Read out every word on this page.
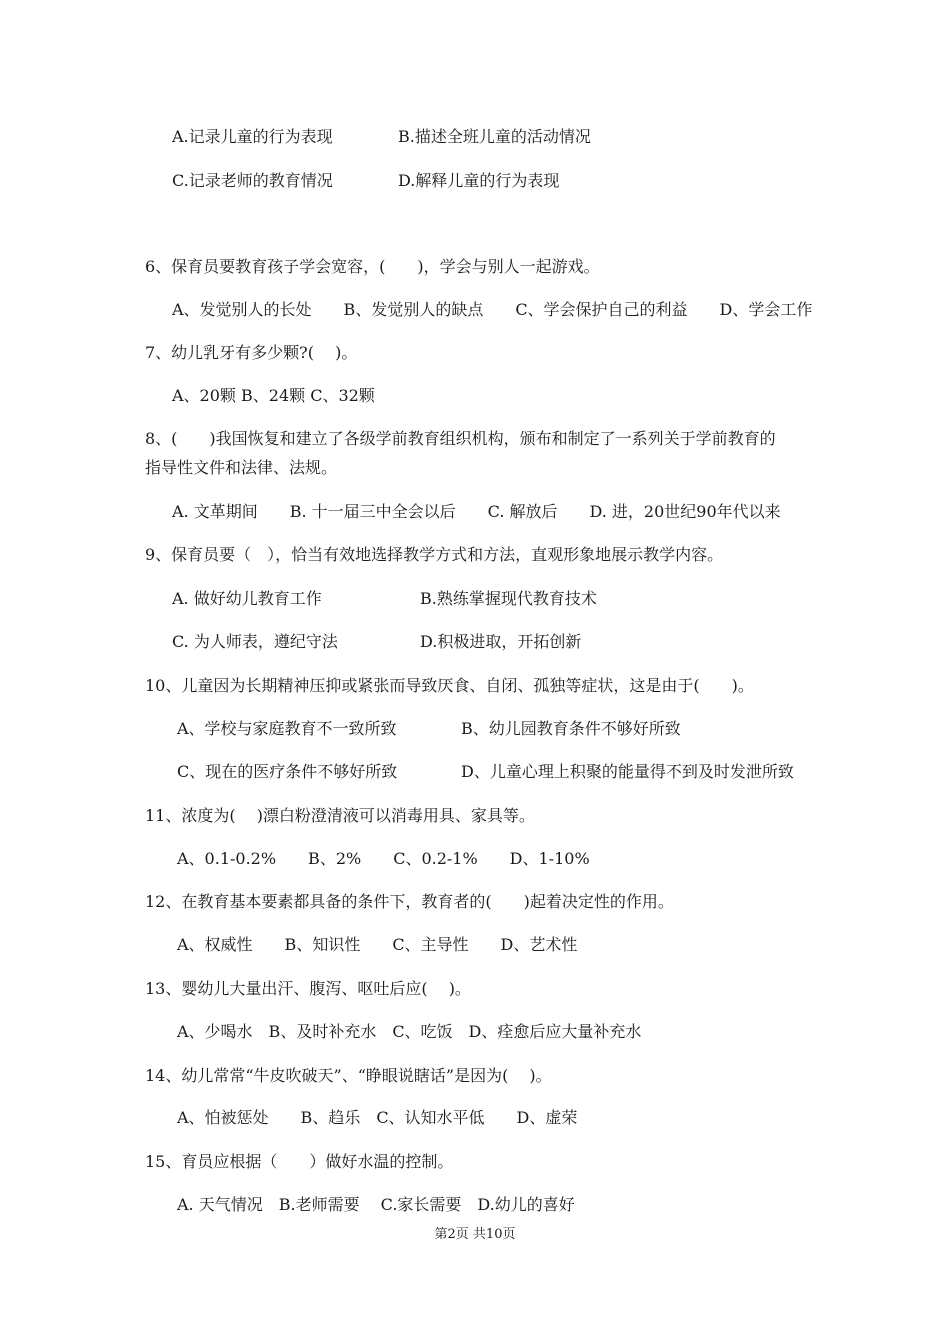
A.记录儿童的行为表现	B.描述全班儿童的活动情况
C.记录老师的教育情况	D.解释儿童的行为表现
6、保育员要教育孩子学会宽容，(　　)，学会与别人一起游戏。
A、发觉别人的长处　　B、发觉别人的缺点　　C、学会保护自己的利益　　D、学会工作
7、幼儿乳牙有多少颗?(　 )。
A、20颗 B、24颗 C、32颗
8、(　　)我国恢复和建立了各级学前教育组织机构，颁布和制定了一系列关于学前教育的
指导性文件和法律、法规。
A. 文革期间　　B. 十一届三中全会以后　　C. 解放后　　D. 进，20世纪90年代以来
9、保育员要（　），恰当有效地选择教学方式和方法，直观形象地展示教学内容。
A. 做好幼儿教育工作	B.熟练掌握现代教育技术
C. 为人师表，遵纪守法	D.积极进取，开拓创新
10、儿童因为长期精神压抑或紧张而导致厌食、自闭、孤独等症状，这是由于(　　)。
A、学校与家庭教育不一致所致	B、幼儿园教育条件不够好所致
C、现在的医疗条件不够好所致	D、儿童心理上积聚的能量得不到及时发泄所致
11、浓度为(　 )漂白粉澄清液可以消毒用具、家具等。
A、0.1-0.2%　　B、2%　　C、0.2-1%　　D、1-10%
12、在教育基本要素都具备的条件下，教育者的(　　)起着决定性的作用。
A、权威性　　B、知识性　　C、主导性　　D、艺术性
13、婴幼儿大量出汗、腹泻、呕吐后应(　 )。
A、少喝水　B、及时补充水　C、吃饭　D、痊愈后应大量补充水
14、幼儿常常“牛皮吹破天”、“睁眼说瞎话”是因为(　 )。
A、怕被惩处　　B、趋乐　C、认知水平低　　D、虚荣
15、育员应根据（　　）做好水温的控制。
A. 天气情况　B.老师需要　 C.家长需要　D.幼儿的喜好
第2页 共10页
